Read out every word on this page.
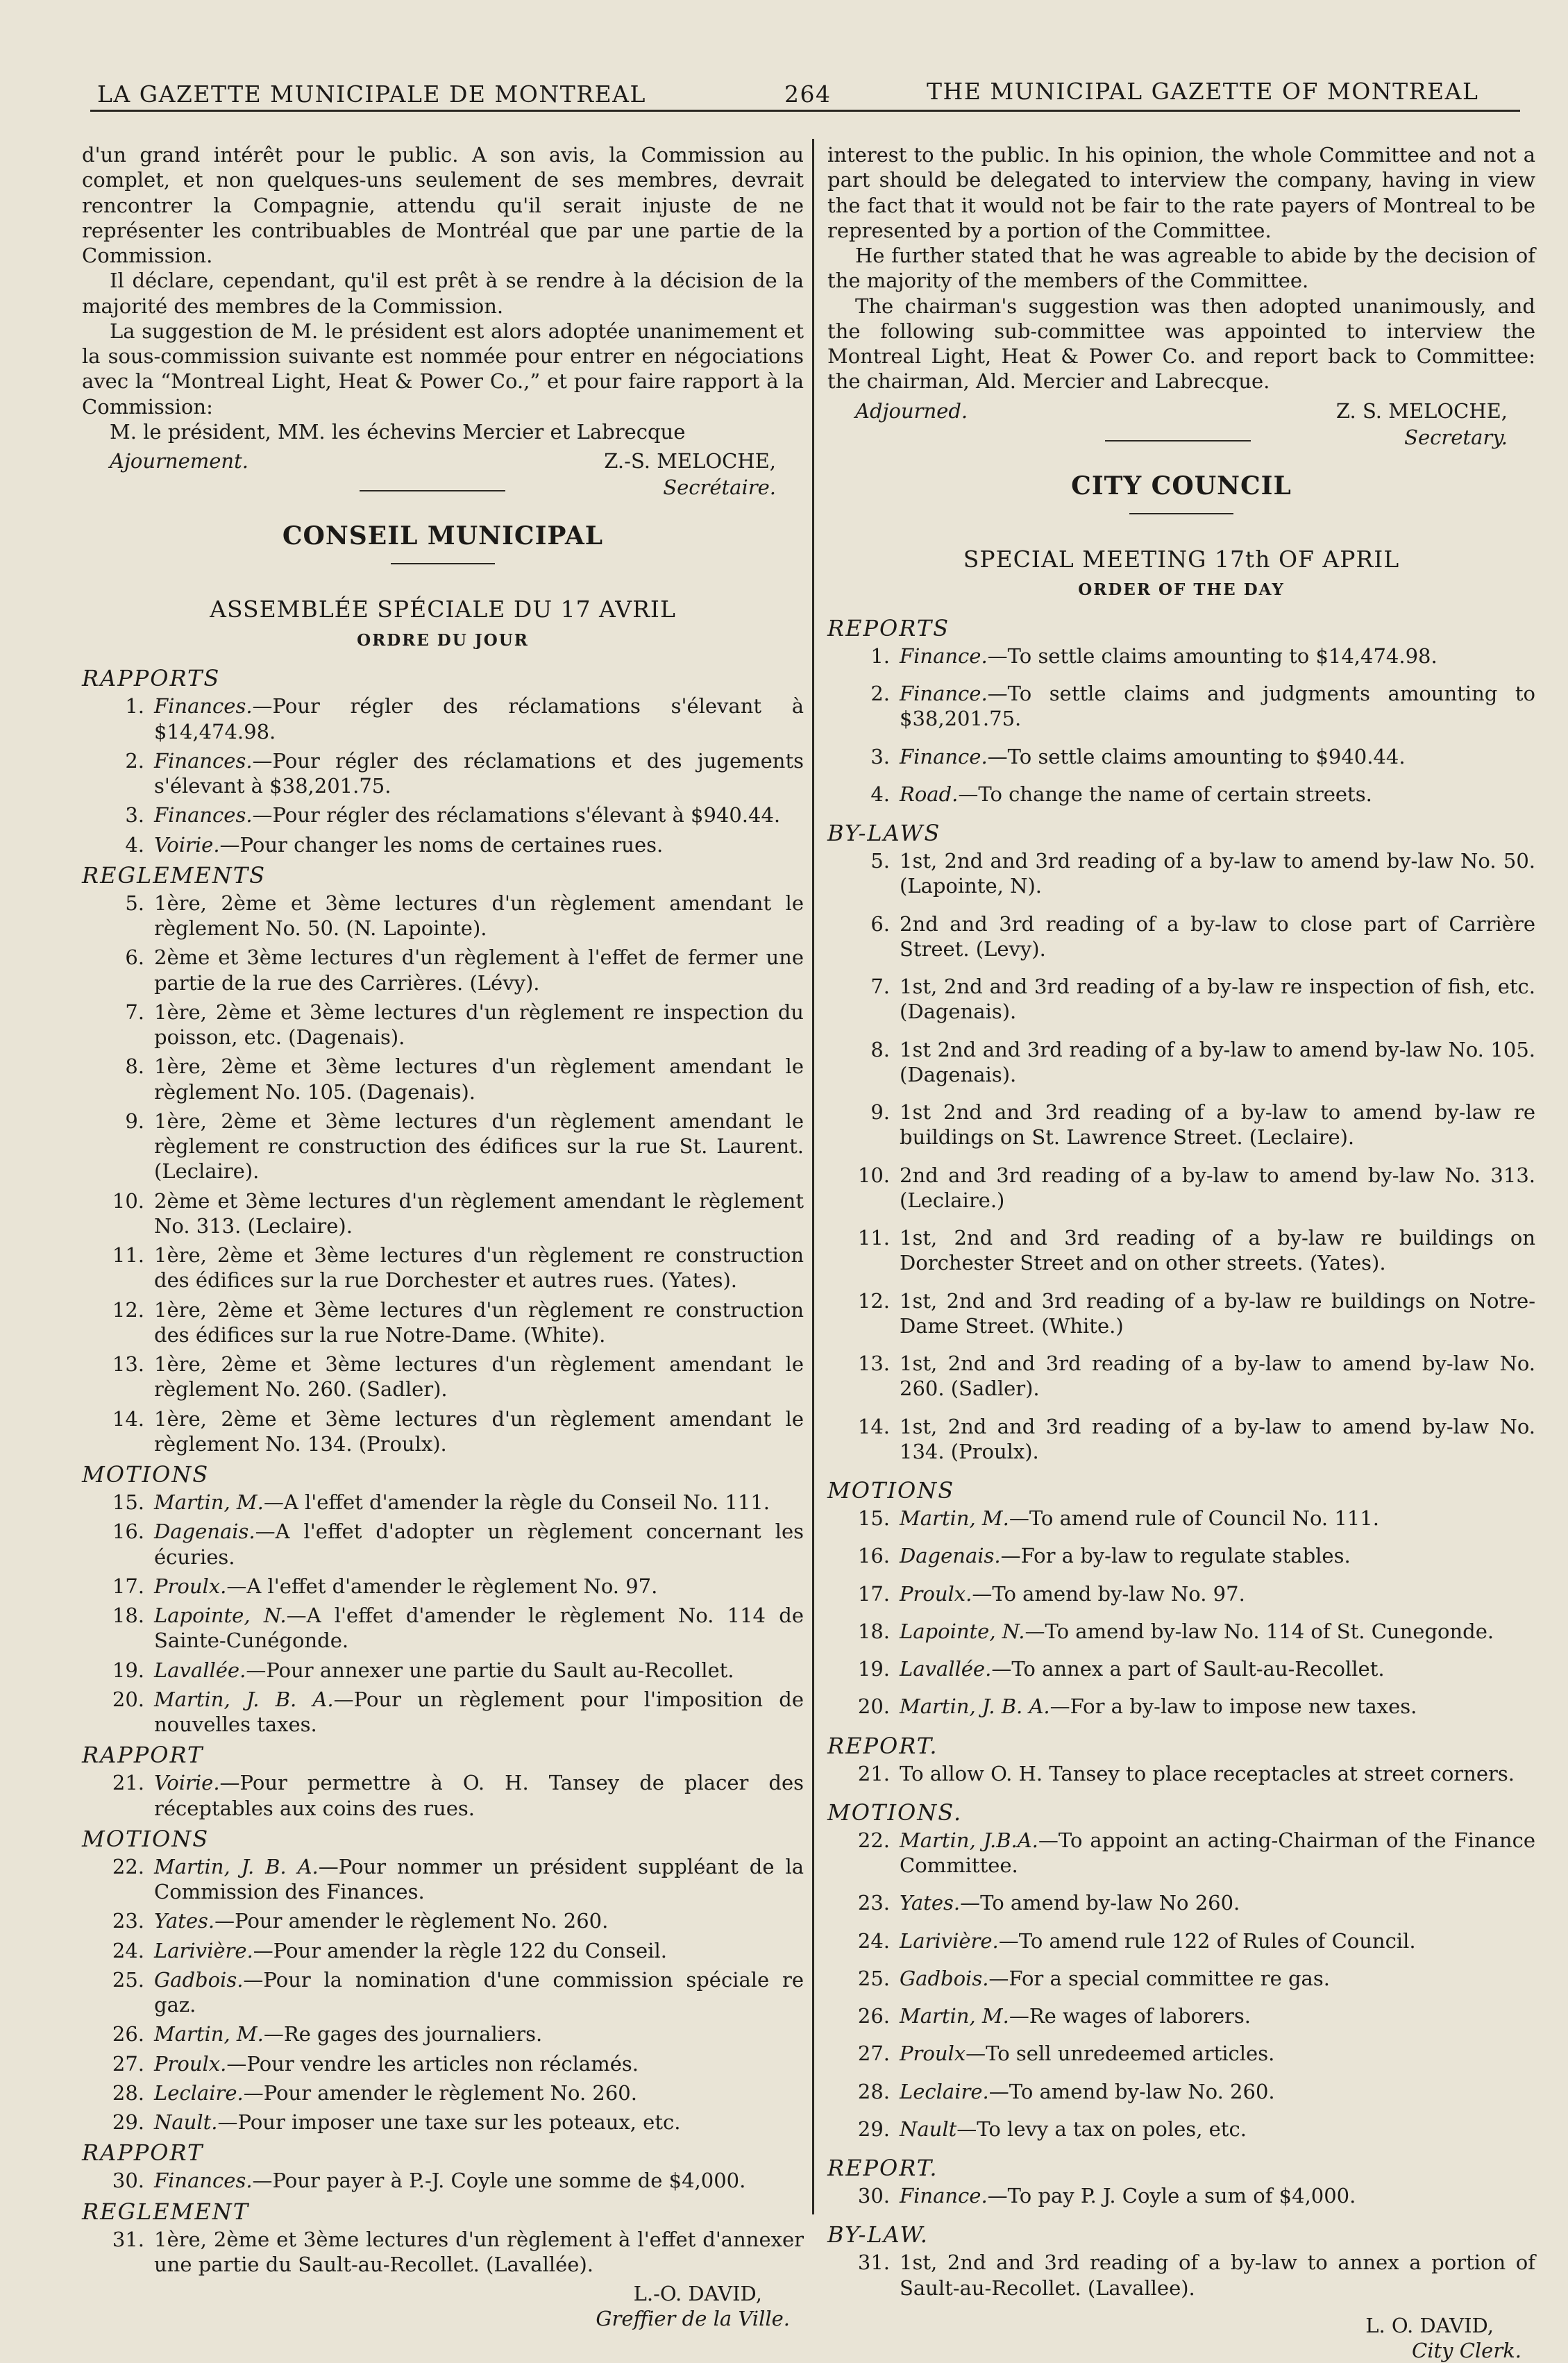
LA GAZETTE MUNICIPALE DE MONTREAL	264	THE MUNICIPAL GAZETTE OF MONTREAL

d'un grand intérêt pour le public. A son avis, la Commission au complet, et non quelques-uns seulement de ses membres, devrait rencontrer la Compagnie, attendu qu'il serait injuste de ne représenter les contribuables de Montréal que par une partie de la Commission.

Il déclare, cependant, qu'il est prêt à se rendre à la décision de la majorité des membres de la Commission.

La suggestion de M. le président est alors adoptée unanimement et la sous-commission suivante est nommée pour entrer en négociations avec la “Montreal Light, Heat & Power Co.,” et pour faire rapport à la Commission:

M. le président, MM. les échevins Mercier et Labrecque

Ajournement.	Z.-S. MELOCHE,

Secrétaire.

CONSEIL MUNICIPAL

ASSEMBLÉE SPÉCIALE DU 17 AVRIL

ORDRE DU JOUR

RAPPORTS

1. Finances.—Pour régler des réclamations s'élevant à $14,474.98.
2. Finances.—Pour régler des réclamations et des jugements s'élevant à $38,201.75.
3. Finances.—Pour régler des réclamations s'élevant à $940.44.
4. Voirie.—Pour changer les noms de certaines rues.

REGLEMENTS

5. 1ère, 2ème et 3ème lectures d'un règlement amendant le règlement No. 50. (N. Lapointe).
6. 2ème et 3ème lectures d'un règlement à l'effet de fermer une partie de la rue des Carrières. (Lévy).
7. 1ère, 2ème et 3ème lectures d'un règlement re inspection du poisson, etc. (Dagenais).
8. 1ère, 2ème et 3ème lectures d'un règlement amendant le règlement No. 105. (Dagenais).
9. 1ère, 2ème et 3ème lectures d'un règlement amendant le règlement re construction des édifices sur la rue St. Laurent. (Leclaire).
10. 2ème et 3ème lectures d'un règlement amendant le règlement No. 313. (Leclaire).
11. 1ère, 2ème et 3ème lectures d'un règlement re construction des édifices sur la rue Dorchester et autres rues. (Yates).
12. 1ère, 2ème et 3ème lectures d'un règlement re construction des édifices sur la rue Notre-Dame. (White).
13. 1ère, 2ème et 3ème lectures d'un règlement amendant le règlement No. 260. (Sadler).
14. 1ère, 2ème et 3ème lectures d'un règlement amendant le règlement No. 134. (Proulx).

MOTIONS

15. Martin, M.—A l'effet d'amender la règle du Conseil No. 111.
16. Dagenais.—A l'effet d'adopter un règlement concernant les écuries.
17. Proulx.—A l'effet d'amender le règlement No. 97.
18. Lapointe, N.—A l'effet d'amender le règlement No. 114 de Sainte-Cunégonde.
19. Lavallée.—Pour annexer une partie du Sault au-Recollet.
20. Martin, J. B. A.—Pour un règlement pour l'imposition de nouvelles taxes.

RAPPORT

21. Voirie.—Pour permettre à O. H. Tansey de placer des réceptables aux coins des rues.

MOTIONS

22. Martin, J. B. A.—Pour nommer un président suppléant de la Commission des Finances.
23. Yates.—Pour amender le règlement No. 260.
24. Larivière.—Pour amender la règle 122 du Conseil.
25. Gadbois.—Pour la nomination d'une commission spéciale re gaz.
26. Martin, M.—Re gages des journaliers.
27. Proulx.—Pour vendre les articles non réclamés.
28. Leclaire.—Pour amender le règlement No. 260.
29. Nault.—Pour imposer une taxe sur les poteaux, etc.

RAPPORT

30. Finances.—Pour payer à P.-J. Coyle une somme de $4,000.

REGLEMENT

31. 1ère, 2ème et 3ème lectures d'un règlement à l'effet d'annexer une partie du Sault-au-Recollet. (Lavallée).

L.-O. DAVID,

Greffier de la Ville.

interest to the public. In his opinion, the whole Committee and not a part should be delegated to interview the company, having in view the fact that it would not be fair to the rate payers of Montreal to be represented by a portion of the Committee.

He further stated that he was agreable to abide by the decision of the majority of the members of the Committee.

The chairman's suggestion was then adopted unanimously, and the following sub-committee was appointed to interview the Montreal Light, Heat & Power Co. and report back to Committee: the chairman, Ald. Mercier and Labrecque.

Adjourned.	Z. S. MELOCHE,

Secretary.

CITY COUNCIL

SPECIAL MEETING 17th OF APRIL

ORDER OF THE DAY

REPORTS

1. Finance.—To settle claims amounting to $14,474.98.
2. Finance.—To settle claims and judgments amounting to $38,201.75.
3. Finance.—To settle claims amounting to $940.44.
4. Road.—To change the name of certain streets.

BY-LAWS

5. 1st, 2nd and 3rd reading of a by-law to amend by-law No. 50. (Lapointe, N).
6. 2nd and 3rd reading of a by-law to close part of Carrière Street. (Levy).
7. 1st, 2nd and 3rd reading of a by-law re inspection of fish, etc. (Dagenais).
8. 1st 2nd and 3rd reading of a by-law to amend by-law No. 105. (Dagenais).
9. 1st 2nd and 3rd reading of a by-law to amend by-law re buildings on St. Lawrence Street. (Leclaire).
10. 2nd and 3rd reading of a by-law to amend by-law No. 313. (Leclaire.)
11. 1st, 2nd and 3rd reading of a by-law re buildings on Dorchester Street and on other streets. (Yates).
12. 1st, 2nd and 3rd reading of a by-law re buildings on Notre-Dame Street. (White.)
13. 1st, 2nd and 3rd reading of a by-law to amend by-law No. 260. (Sadler).
14. 1st, 2nd and 3rd reading of a by-law to amend by-law No. 134. (Proulx).

MOTIONS

15. Martin, M.—To amend rule of Council No. 111.
16. Dagenais.—For a by-law to regulate stables.
17. Proulx.—To amend by-law No. 97.
18. Lapointe, N.—To amend by-law No. 114 of St. Cunegonde.
19. Lavallée.—To annex a part of Sault-au-Recollet.
20. Martin, J. B. A.—For a by-law to impose new taxes.

REPORT.

21. To allow O. H. Tansey to place receptacles at street corners.

MOTIONS.

22. Martin, J.B.A.—To appoint an acting-Chairman of the Finance Committee.
23. Yates.—To amend by-law No 260.
24. Larivière.—To amend rule 122 of Rules of Council.
25. Gadbois.—For a special committee re gas.
26. Martin, M.—Re wages of laborers.
27. Proulx—To sell unredeemed articles.
28. Leclaire.—To amend by-law No. 260.
29. Nault—To levy a tax on poles, etc.

REPORT.

30. Finance.—To pay P. J. Coyle a sum of $4,000.

BY-LAW.

31. 1st, 2nd and 3rd reading of a by-law to annex a portion of Sault-au-Recollet. (Lavallee).

L. O. DAVID,

City Clerk.
